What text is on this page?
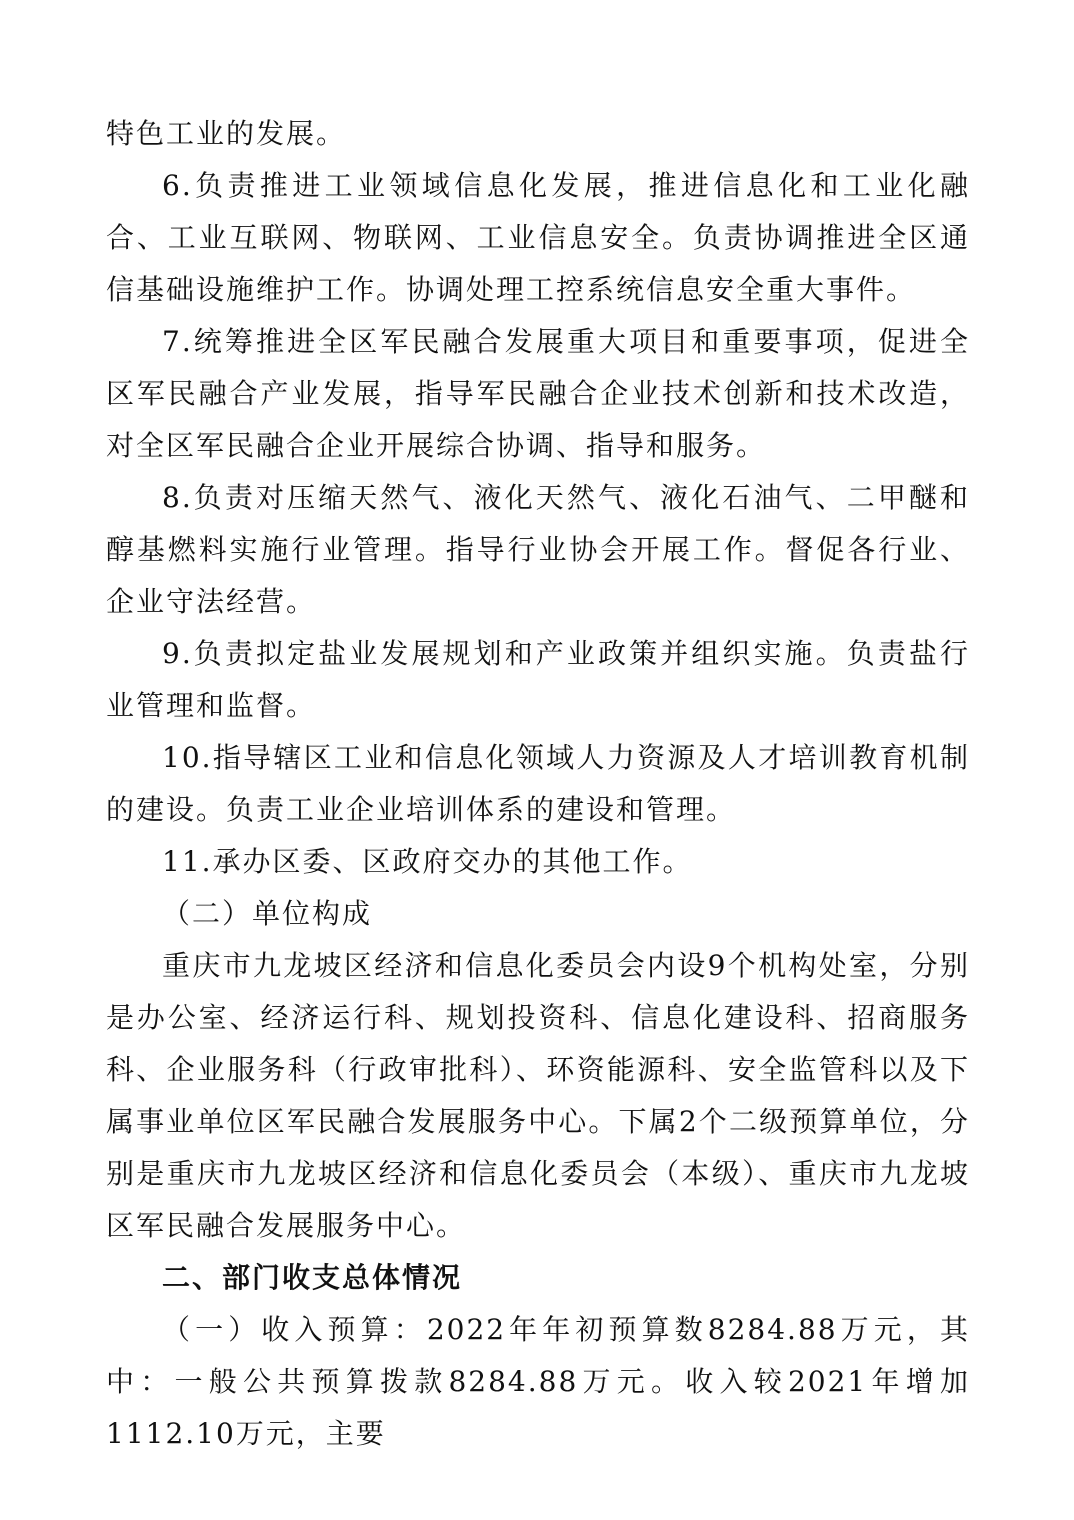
特色工业的发展。

6.负责推进工业领域信息化发展，推进信息化和工业化融合、工业互联网、物联网、工业信息安全。负责协调推进全区通信基础设施维护工作。协调处理工控系统信息安全重大事件。

7.统筹推进全区军民融合发展重大项目和重要事项，促进全区军民融合产业发展，指导军民融合企业技术创新和技术改造，对全区军民融合企业开展综合协调、指导和服务。

8.负责对压缩天然气、液化天然气、液化石油气、二甲醚和醇基燃料实施行业管理。指导行业协会开展工作。督促各行业、企业守法经营。

9.负责拟定盐业发展规划和产业政策并组织实施。负责盐行业管理和监督。

10.指导辖区工业和信息化领域人力资源及人才培训教育机制的建设。负责工业企业培训体系的建设和管理。

11.承办区委、区政府交办的其他工作。

（二）单位构成

重庆市九龙坡区经济和信息化委员会内设9个机构处室，分别是办公室、经济运行科、规划投资科、信息化建设科、招商服务科、企业服务科（行政审批科）、环资能源科、安全监管科以及下属事业单位区军民融合发展服务中心。下属2个二级预算单位，分别是重庆市九龙坡区经济和信息化委员会（本级）、重庆市九龙坡区军民融合发展服务中心。

二、部门收支总体情况

（一）收入预算：2022年年初预算数8284.88万元，其中：一般公共预算拨款8284.88万元。收入较2021年增加1112.10万元，主要
